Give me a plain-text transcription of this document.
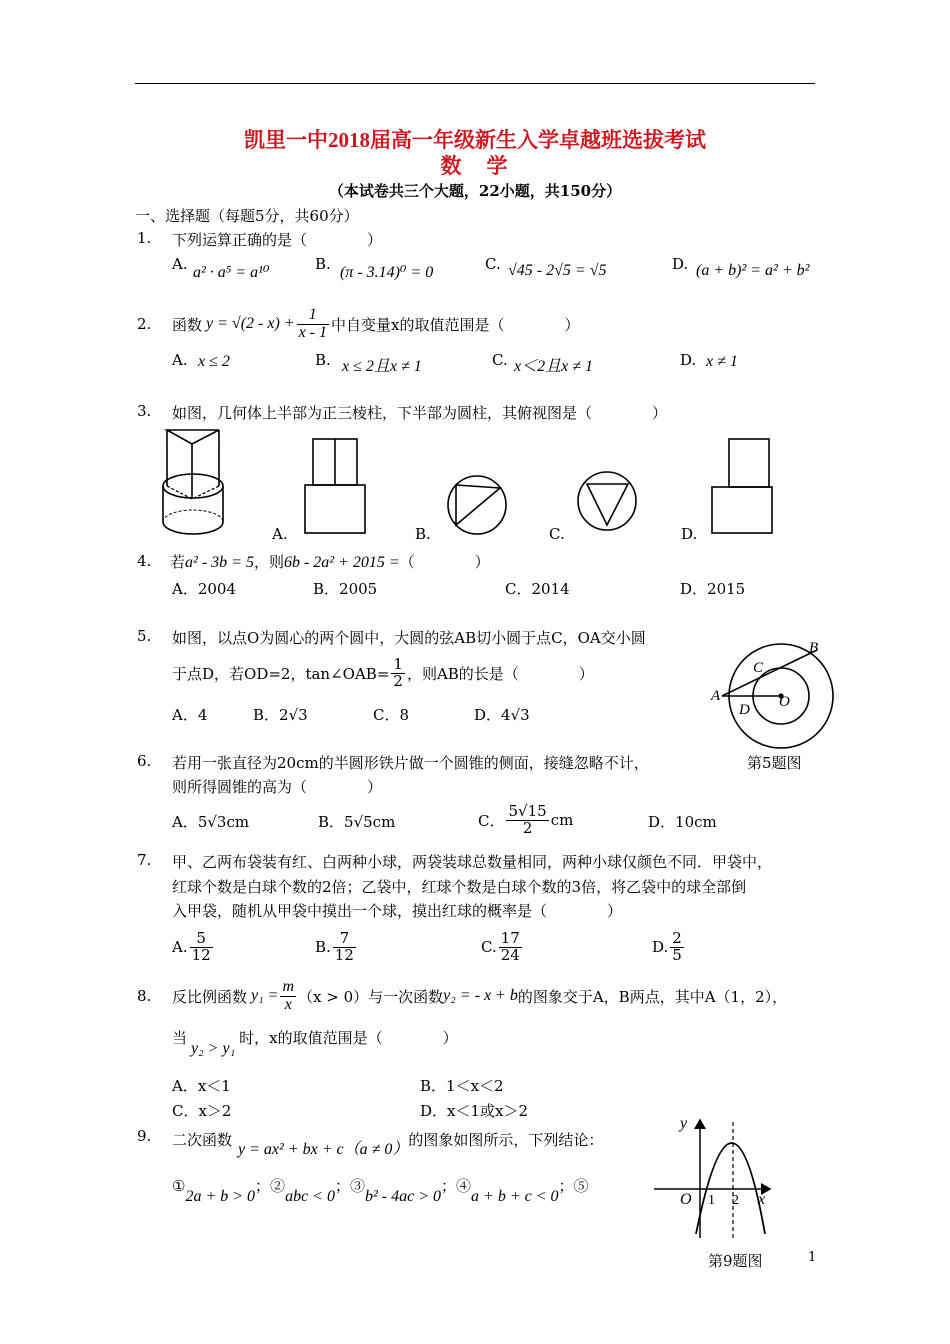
凯里一中2018届高一年级新生入学卓越班选拔考试
数　学
（本试卷共三个大题，22小题，共150分）
一、选择题（每题5分，共60分）
1. 下列运算正确的是（　　　　）
A. a² · a⁵ = a¹⁰	B. (π - 3.14)⁰ = 0	C. √45 - 2√5 = √5	D. (a + b)² = a² + b²
2. 函数 $y = √(2 - x) + \frac{1}{x - 1}$ 中自变量x的取值范围是（　　　　）
A. x ≤ 2	B. x ≤ 2且x ≠ 1	C. x＜2且x ≠ 1	D. x ≠ 1
3. 如图，几何体上半部为正三棱柱，下半部为圆柱，其俯视图是（　　　　）
A.	B.	C.	D.
4. 若a² - 3b = 5，则6b - 2a² + 2015 =（　　　　）
A．2004	B．2005	C．2014	D．2015
5. 如图，以点O为圆心的两个圆中，大圆的弦AB切小圆于点C，OA交小圆
于点D，若OD=2，tan∠OAB= $\frac{1}{2}$ ，则AB的长是（　　　　）
A．4	B．2√3	C．8	D．4√3
A
B
C
D O
第5题图
6. 若用一张直径为20cm的半圆形铁片做一个圆锥的侧面，接缝忽略不计，
则所得圆锥的高为（　　　　）
A．5√3cm	B．5√5cm	C． $\frac{5√15}{2}$ cm	D．10cm
7. 甲、乙两布袋装有红、白两种小球，两袋装球总数量相同，两种小球仅颜色不同．甲袋中，
红球个数是白球个数的2倍；乙袋中，红球个数是白球个数的3倍，将乙袋中的球全部倒
入甲袋，随机从甲袋中摸出一个球，摸出红球的概率是（　　　　）
A. $\frac{5}{12}$	B. $\frac{7}{12}$	C. $\frac{17}{24}$	D. $\frac{2}{5}$
8. 反比例函数 $y_1 = \frac{m}{x} (x > 0)$与一次函数 y₂ = - x + b 的图象交于A，B两点，其中A（1，2），
当y₂ > y₁时，x的取值范围是（　　　　）
A．x＜1	B．1＜x＜2
C．x＞2	D．x＜1或x＞2
9. 二次函数y = ax² + bx + c（a ≠ 0）的图象如图所示，下列结论：
①2a + b > 0；②abc < 0；③b² - 4ac > 0；④a + b + c < 0；⑤
y
x
O 1 2
第9题图	1
